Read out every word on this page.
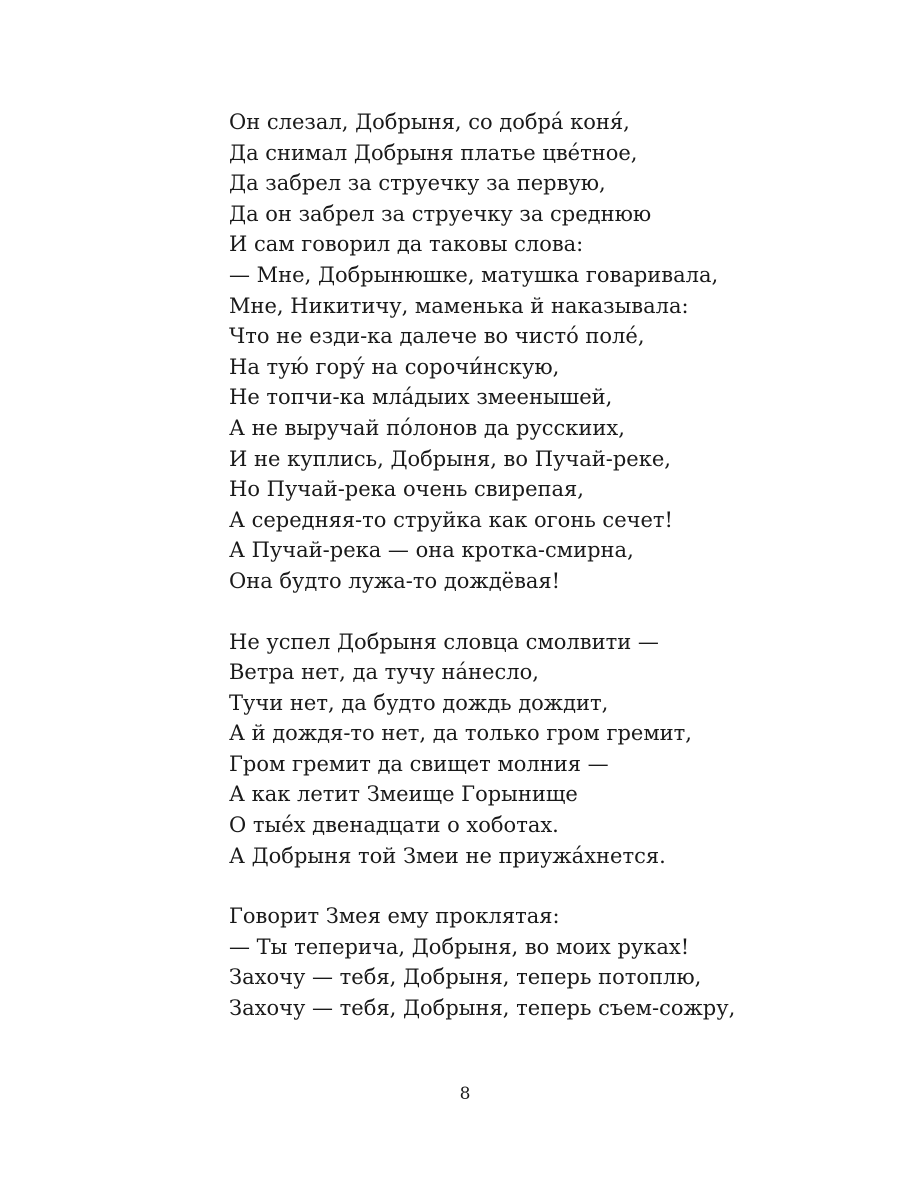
Он слезал, Добрыня, со добра́ коня́,
Да снимал Добрыня платье цве́тное,
Да забрел за струечку за первую,
Да он забрел за струечку за среднюю
И сам говорил да таковы слова:
— Мне, Добрынюшке, матушка говаривала,
Мне, Никитичу, маменька й наказывала:
Что не езди-ка далече во чисто́ поле́,
На тую́ гору́ на сорочи́нскую,
Не топчи-ка мла́дыих змеенышей,
А не выручай по́лонов да русскиих,
И не куплись, Добрыня, во Пучай-реке,
Но Пучай-река очень свирепая,
А середняя-то струйка как огонь сечет!
А Пучай-река — она кротка-смирна,
Она будто лужа-то дождёвая!

Не успел Добрыня словца смолвити —
Ветра нет, да тучу на́несло,
Тучи нет, да будто дождь дождит,
А й дождя-то нет, да только гром гремит,
Гром гремит да свищет молния —
А как летит Змеище Горынище
О тые́х двенадцати о хоботах.
А Добрыня той Змеи не приужа́хнется.

Говорит Змея ему проклятая:
— Ты теперича, Добрыня, во моих руках!
Захочу — тебя, Добрыня, теперь потоплю,
Захочу — тебя, Добрыня, теперь съем-сожру,

8
